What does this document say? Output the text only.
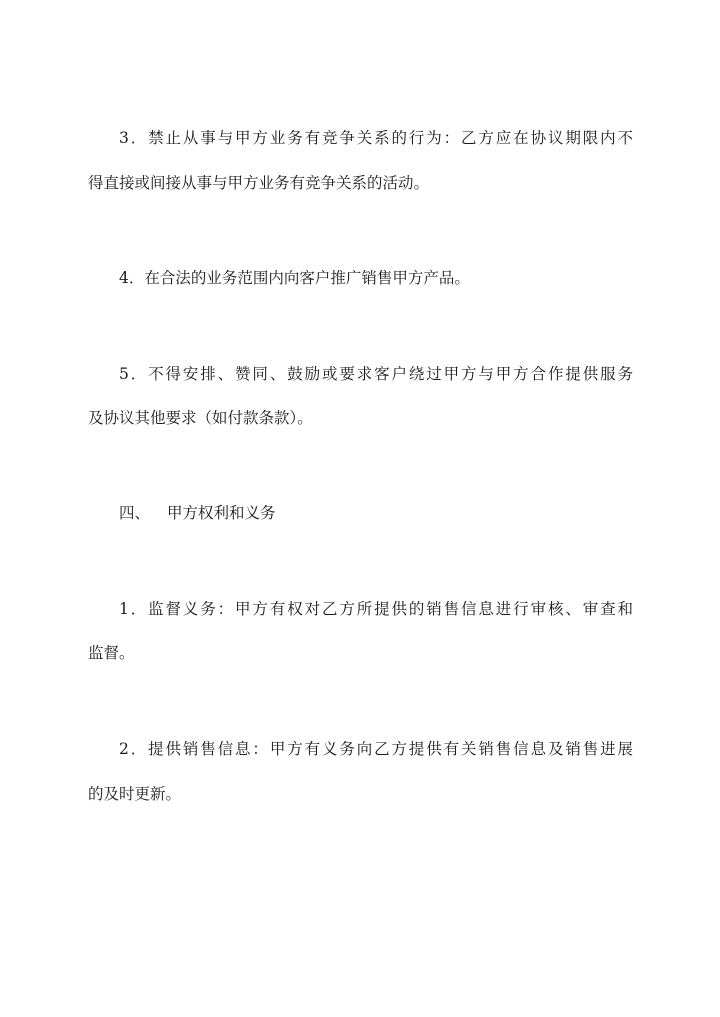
3．禁止从事与甲方业务有竞争关系的行为：乙方应在协议期限内不
得直接或间接从事与甲方业务有竞争关系的活动。
4．在合法的业务范围内向客户推广销售甲方产品。
5．不得安排、赞同、鼓励或要求客户绕过甲方与甲方合作提供服务
及协议其他要求（如付款条款）。
四、 甲方权利和义务
1．监督义务：甲方有权对乙方所提供的销售信息进行审核、审查和
监督。
2．提供销售信息：甲方有义务向乙方提供有关销售信息及销售进展
的及时更新。
